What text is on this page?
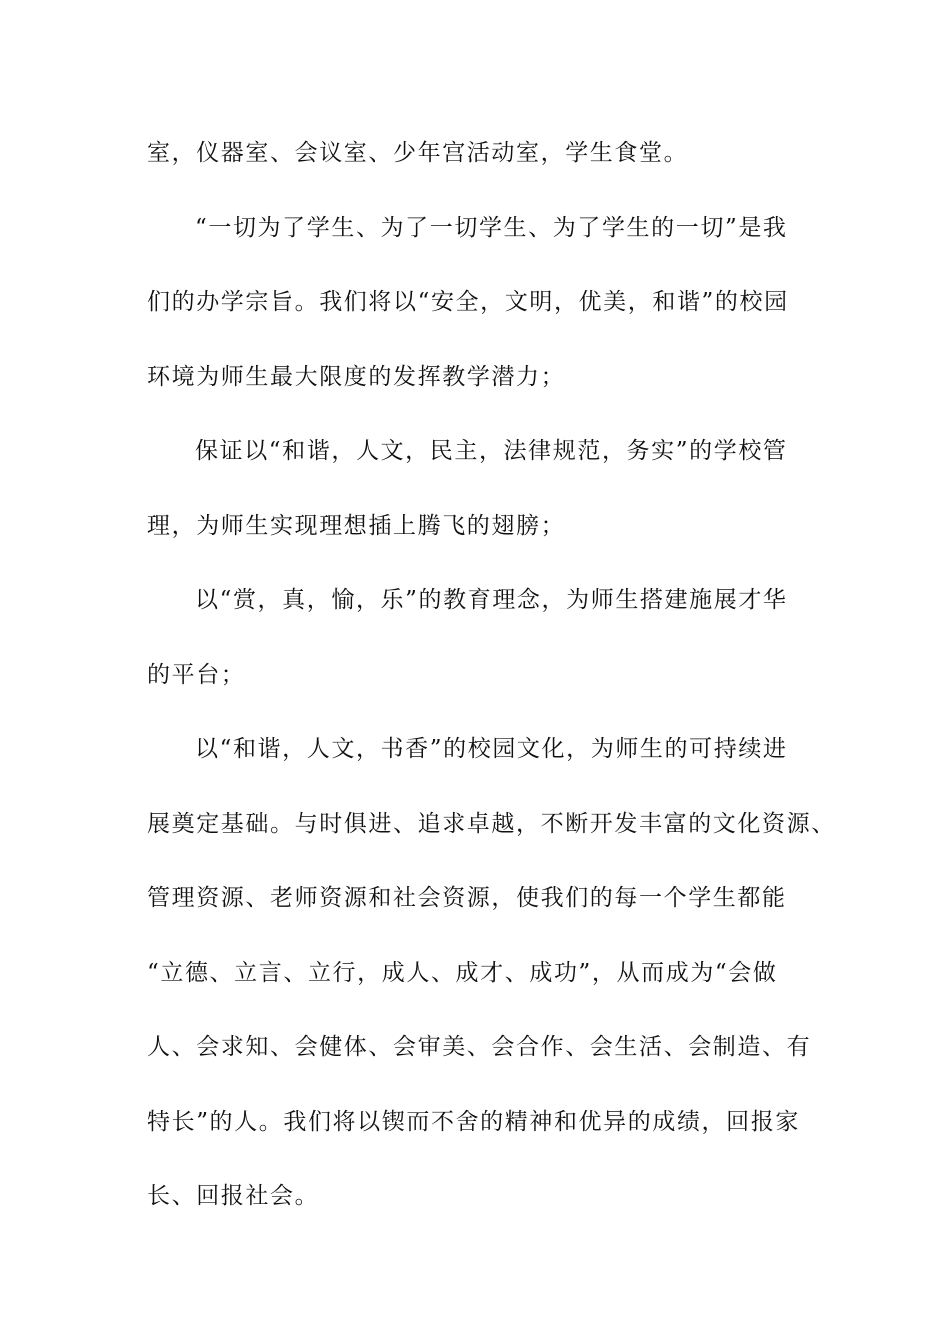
室，仪器室、会议室、少年宫活动室，学生食堂。
“一切为了学生、为了一切学生、为了学生的一切”是我
们的办学宗旨。我们将以“安全，文明，优美，和谐”的校园
环境为师生最大限度的发挥教学潜力；
保证以“和谐，人文，民主，法律规范，务实”的学校管
理，为师生实现理想插上腾飞的翅膀；
以“赏，真，愉，乐”的教育理念，为师生搭建施展才华
的平台；
以“和谐，人文，书香”的校园文化，为师生的可持续进
展奠定基础。与时俱进、追求卓越，不断开发丰富的文化资源、
管理资源、老师资源和社会资源，使我们的每一个学生都能
“立德、立言、立行，成人、成才、成功”，从而成为“会做
人、会求知、会健体、会审美、会合作、会生活、会制造、有
特长”的人。我们将以锲而不舍的精神和优异的成绩，回报家
长、回报社会。
